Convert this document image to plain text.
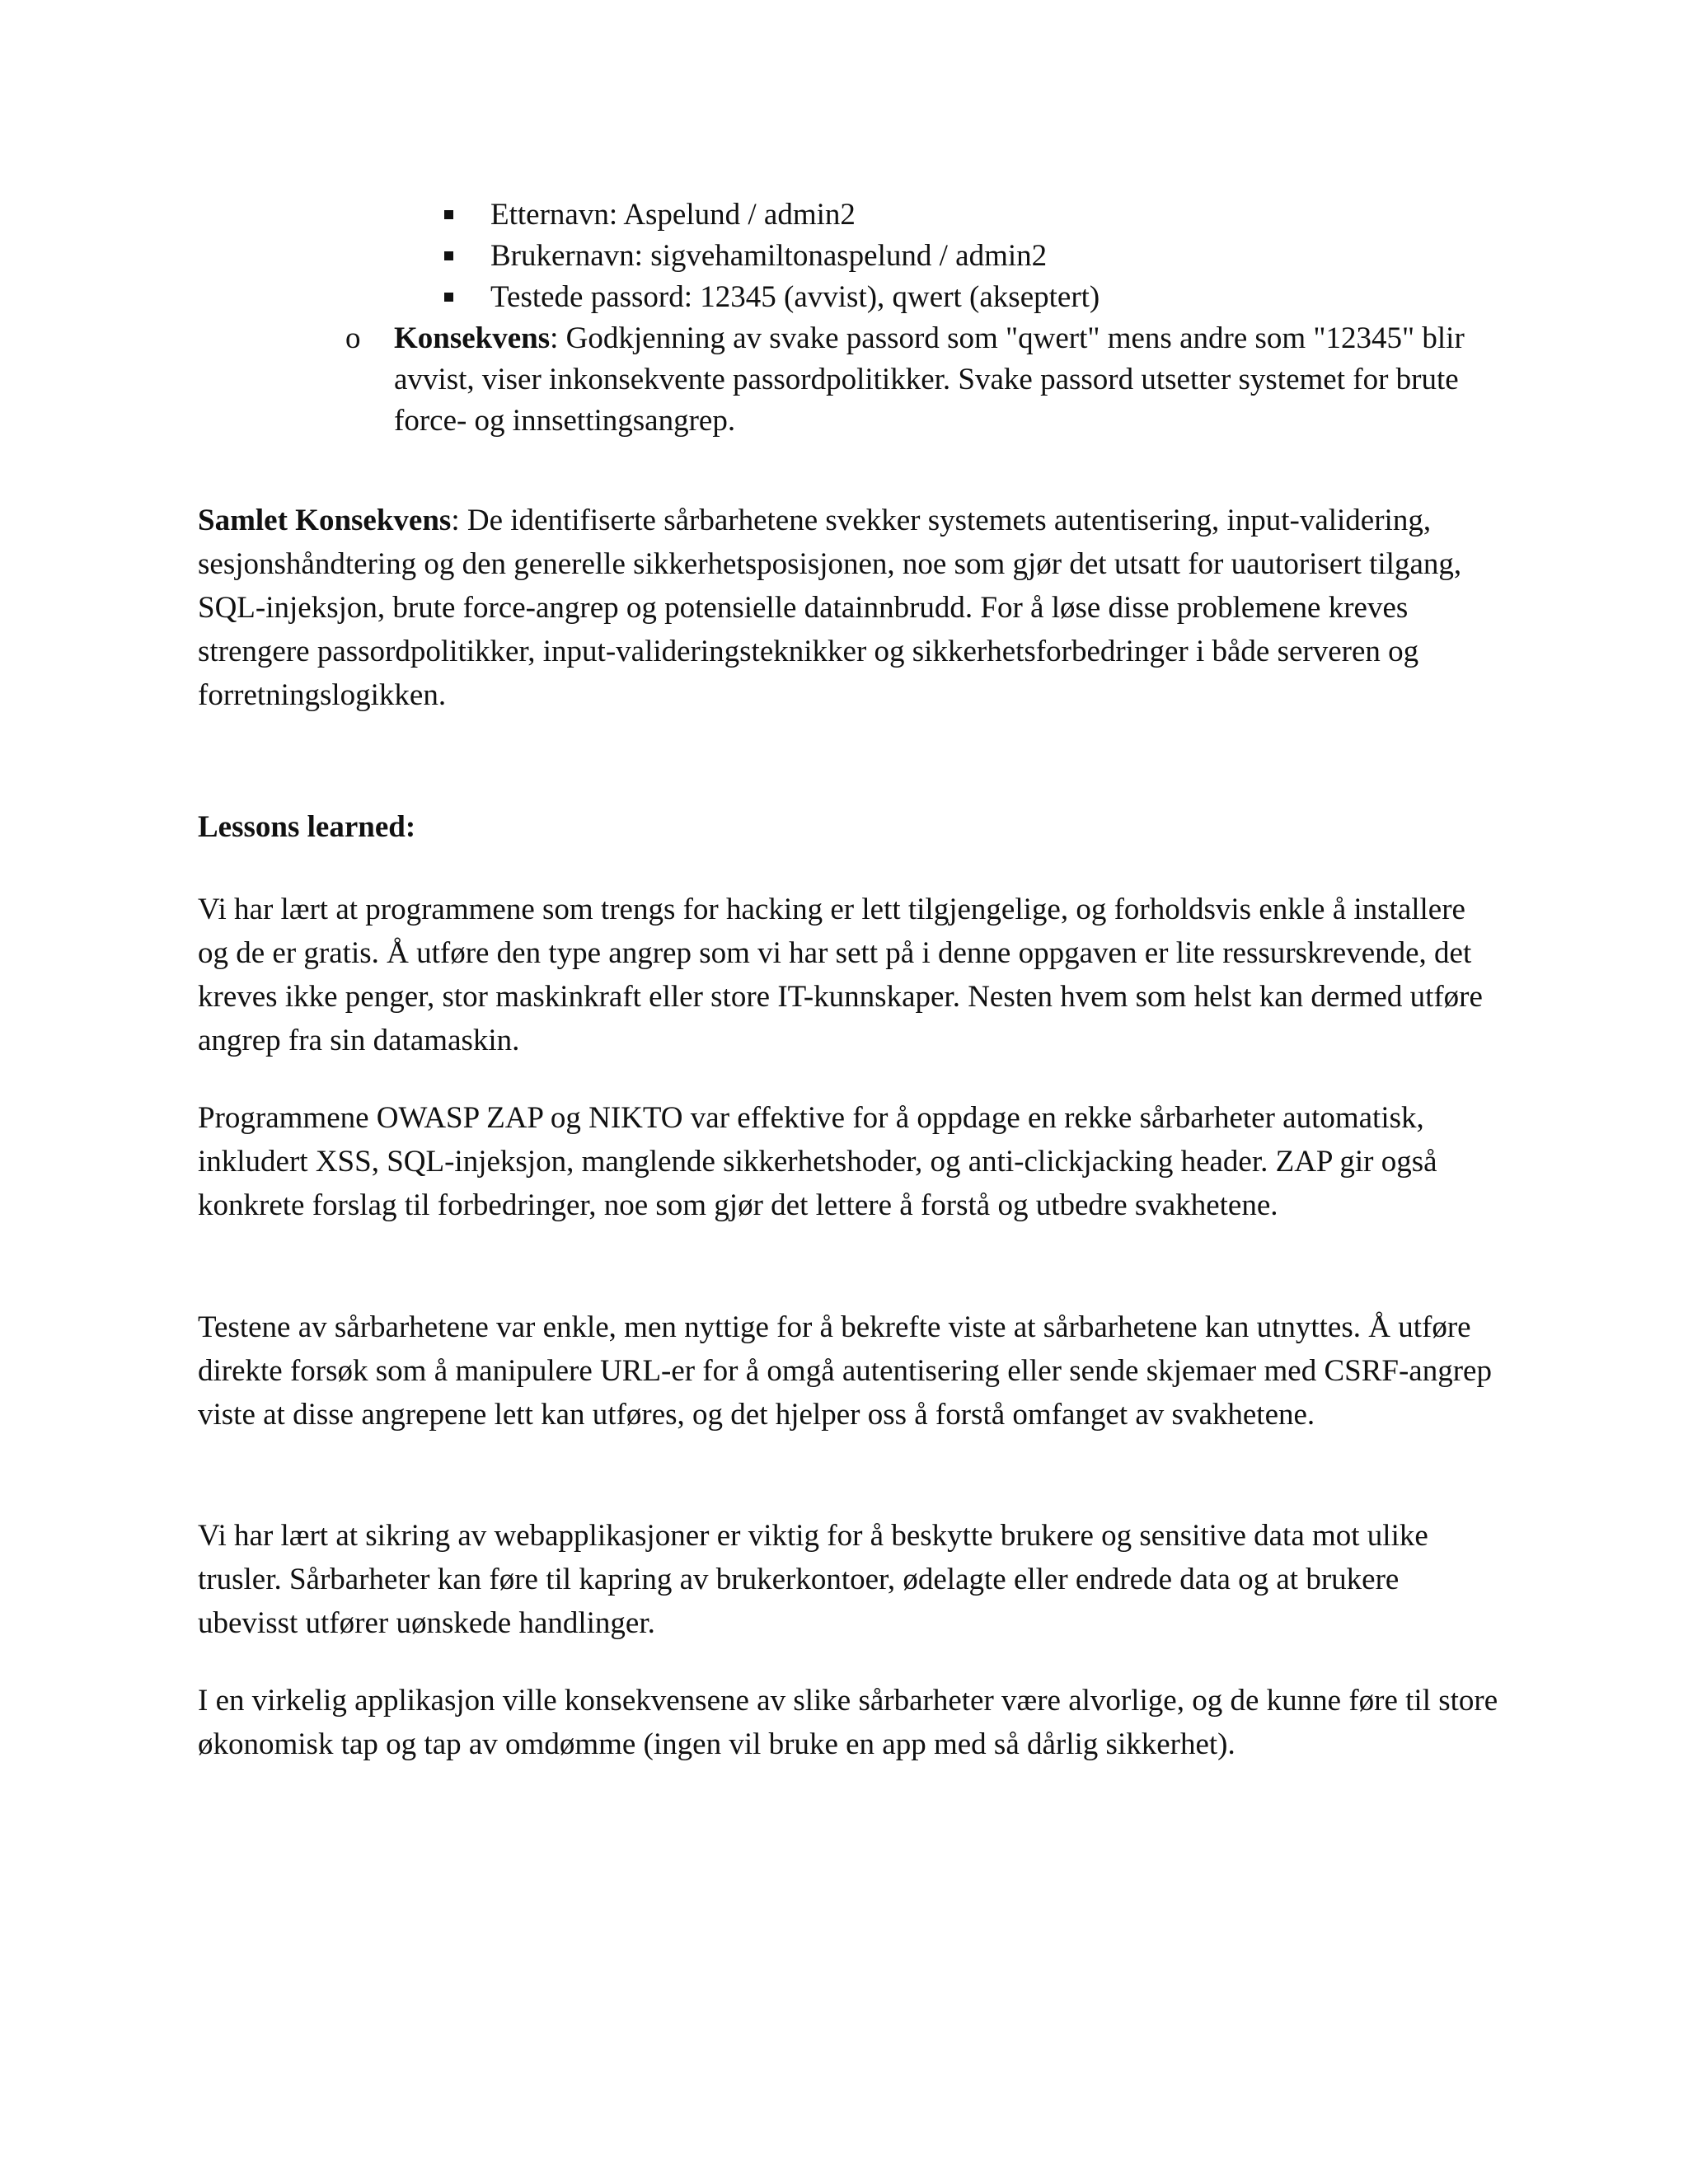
Etternavn: Aspelund / admin2
Brukernavn: sigvehamiltonaspelund / admin2
Testede passord: 12345 (avvist), qwert (akseptert)
o Konsekvens: Godkjenning av svake passord som "qwert" mens andre som "12345" blir avvist, viser inkonsekvente passordpolitikker. Svake passord utsetter systemet for brute force- og innsettingsangrep.

Samlet Konsekvens: De identifiserte sårbarhetene svekker systemets autentisering, input-validering, sesjonshåndtering og den generelle sikkerhetsposisjonen, noe som gjør det utsatt for uautorisert tilgang, SQL-injeksjon, brute force-angrep og potensielle datainnbrudd. For å løse disse problemene kreves strengere passordpolitikker, input-valideringsteknikker og sikkerhetsforbedringer i både serveren og forretningslogikken.

Lessons learned:

Vi har lært at programmene som trengs for hacking er lett tilgjengelige, og forholdsvis enkle å installere og de er gratis. Å utføre den type angrep som vi har sett på i denne oppgaven er lite ressurskrevende, det kreves ikke penger, stor maskinkraft eller store IT-kunnskaper. Nesten hvem som helst kan dermed utføre angrep fra sin datamaskin.

Programmene OWASP ZAP og NIKTO var effektive for å oppdage en rekke sårbarheter automatisk, inkludert XSS, SQL-injeksjon, manglende sikkerhetshoder, og anti-clickjacking header. ZAP gir også konkrete forslag til forbedringer, noe som gjør det lettere å forstå og utbedre svakhetene.

Testene av sårbarhetene var enkle, men nyttige for å bekrefte viste at sårbarhetene kan utnyttes. Å utføre direkte forsøk som å manipulere URL-er for å omgå autentisering eller sende skjemaer med CSRF-angrep viste at disse angrepene lett kan utføres, og det hjelper oss å forstå omfanget av svakhetene.

Vi har lært at sikring av webapplikasjoner er viktig for å beskytte brukere og sensitive data mot ulike trusler. Sårbarheter kan føre til kapring av brukerkontoer, ødelagte eller endrede data og at brukere ubevisst utfører uønskede handlinger.

I en virkelig applikasjon ville konsekvensene av slike sårbarheter være alvorlige, og de kunne føre til store økonomisk tap og tap av omdømme (ingen vil bruke en app med så dårlig sikkerhet).
